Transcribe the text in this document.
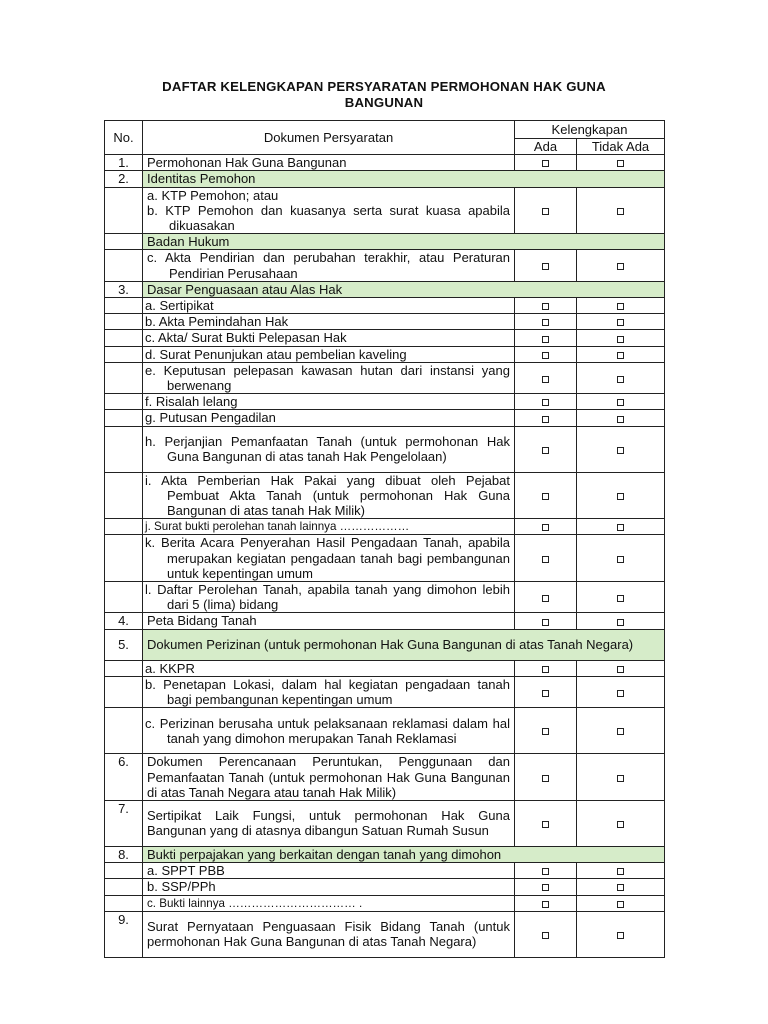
DAFTAR KELENGKAPAN PERSYARATAN PERMOHONAN HAK GUNA
BANGUNAN
No.	Dokumen Persyaratan	Kelengkapan	
		Ada	Tidak Ada
1.	Permohonan Hak Guna Bangunan		
2.	Identitas Pemohon		

	a. KTP Pemohon; atau
b. KTP Pemohon dan kuasanya serta surat kuasa apabila dikuasakan		

	Badan Hukum		

	c. Akta Pendirian dan perubahan terakhir, atau Peraturan Pendirian Perusahaan		

3.	Dasar Penguasaan atau Alas Hak		
	a. Sertipikat		
	b. Akta Pemindahan Hak		
	c. Akta/ Surat Bukti Pelepasan Hak		
	d. Surat Penunjukan atau pembelian kaveling		

	e. Keputusan pelepasan kawasan hutan dari instansi yang berwenang		

	f. Risalah lelang		
	g. Putusan Pengadilan		

	h. Perjanjian Pemanfaatan Tanah (untuk permohonan Hak Guna Bangunan di atas tanah Hak Pengelolaan)		

	i. Akta Pemberian Hak Pakai yang dibuat oleh Pejabat Pembuat Akta Tanah (untuk permohonan Hak Guna Bangunan di atas tanah Hak Milik)		

	j. Surat bukti perolehan tanah lainnya ………………		

	k. Berita Acara Penyerahan Hasil Pengadaan Tanah, apabila merupakan kegiatan pengadaan tanah bagi pembangunan untuk kepentingan umum		

	l. Daftar Perolehan Tanah, apabila tanah yang dimohon lebih dari 5 (lima) bidang		

4.	Peta Bidang Tanah		
5.	Dokumen Perizinan (untuk permohonan Hak Guna Bangunan di atas Tanah Negara)		
	a. KKPR		

	b. Penetapan Lokasi, dalam hal kegiatan pengadaan tanah bagi pembangunan kepentingan umum		

	c. Perizinan berusaha untuk pelaksanaan reklamasi dalam hal tanah yang dimohon merupakan Tanah Reklamasi		

6.	Dokumen Perencanaan Peruntukan, Penggunaan dan Pemanfaatan Tanah (untuk permohonan Hak Guna Bangunan di atas Tanah Negara atau tanah Hak Milik)		
7.	Sertipikat Laik Fungsi, untuk permohonan Hak Guna Bangunan yang di atasnya dibangun Satuan Rumah Susun		
8.	Bukti perpajakan yang berkaitan dengan tanah yang dimohon		
	a. SPPT PBB		
	b. SSP/PPh		
	c. Bukti lainnya …………………………… .		
9.	Surat Pernyataan Penguasaan Fisik Bidang Tanah (untuk permohonan Hak Guna Bangunan di atas Tanah Negara)		
